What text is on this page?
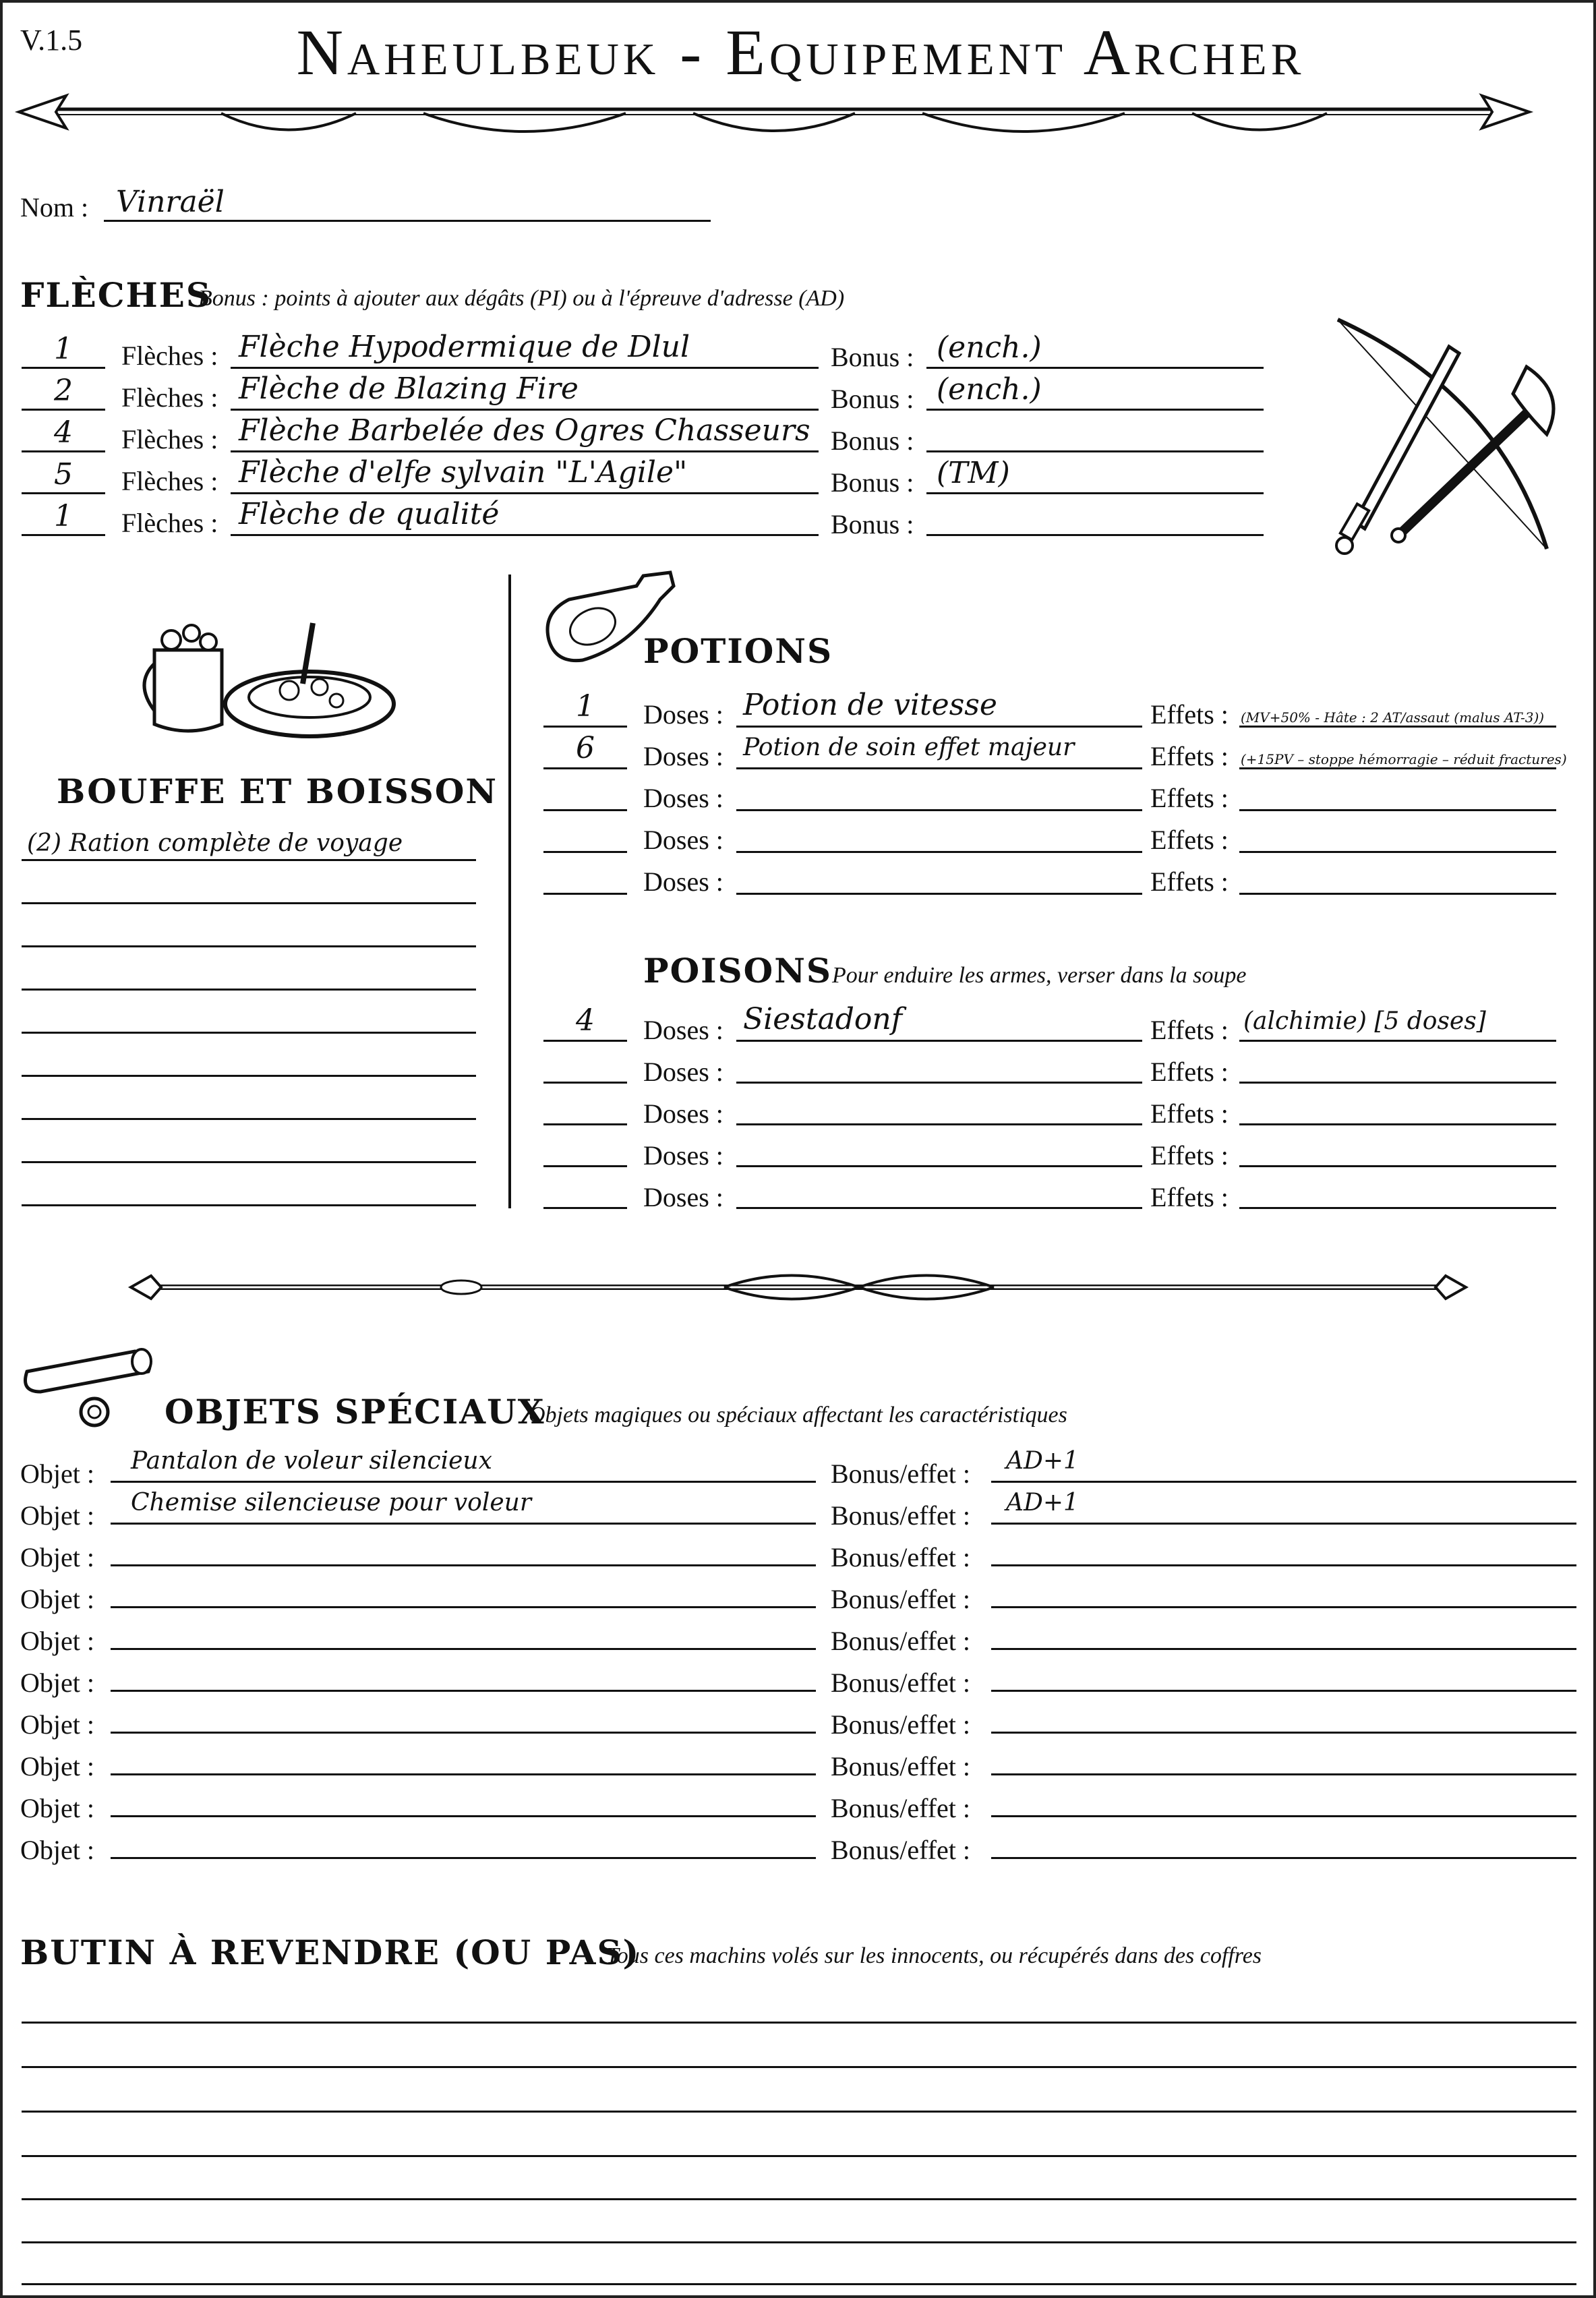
V.1.5	Naheulbeuk - Equipement Archer
Nom : Vinraël
FLÈCHES
Bonus : points à ajouter aux dégâts (PI) ou à l'épreuve d'adresse (AD)
1	Flèches : Flèche Hypodermique de Dlul	Bonus : (ench.)
2	Flèches : Flèche de Blazing Fire	Bonus : (ench.)
4	Flèches : Flèche Barbelée des Ogres Chasseurs Bonus :
5	Flèches : Flèche d'elfe sylvain "L'Agile"	Bonus : (TM)
1	Flèches : Flèche de qualité	Bonus :
BOUFFE ET BOISSON
(2) Ration complète de voyage
POTIONS
1	Doses : Potion de vitesse	Effets : (MV+50% - Hâte : 2 AT/assaut (malus AT-3))
6	Doses : Potion de soin effet majeur	Effets : (+15PV – stoppe hémorragie – réduit fractures)
Doses :	Effets :
Doses :	Effets :
Doses :	Effets :
POISONS Pour enduire les armes, verser dans la soupe
4	Doses : Siestadonf	Effets : (alchimie) [5 doses]
Doses :	Effets :
Doses :	Effets :
Doses :	Effets :
Doses :	Effets :
OBJETS SPÉCIAUX
Objets magiques ou spéciaux affectant les caractéristiques
Objet : Pantalon de voleur silencieux	Bonus/effet : AD+1
Objet : Chemise silencieuse pour voleur	Bonus/effet : AD+1
Objet :	Bonus/effet :
Objet :	Bonus/effet :
Objet :	Bonus/effet :
Objet :	Bonus/effet :
Objet :	Bonus/effet :
Objet :	Bonus/effet :
Objet :	Bonus/effet :
Objet :	Bonus/effet :
BUTIN À REVENDRE (OU PAS)
Tous ces machins volés sur les innocents, ou récupérés dans des coffres
